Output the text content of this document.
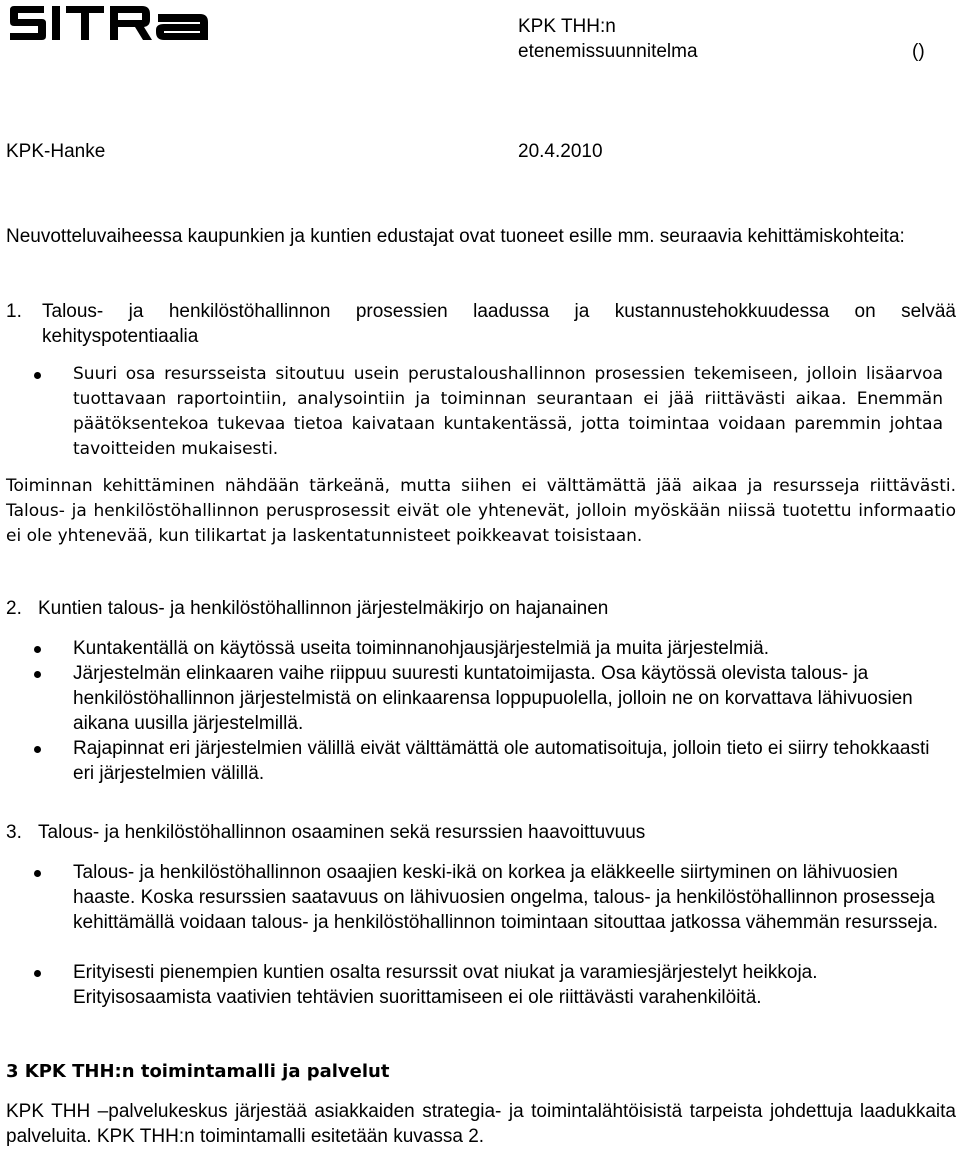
KPK THH:n
etenemissuunnitelma	()
KPK-Hanke	20.4.2010
Neuvotteluvaiheessa kaupunkien ja kuntien edustajat ovat tuoneet esille mm. seuraavia kehittämiskohteita:
1. Talous- ja henkilöstöhallinnon prosessien laadussa ja kustannustehokkuudessa on selvää kehityspotentiaalia
Suuri osa resursseista sitoutuu usein perustaloushallinnon prosessien tekemiseen, jolloin lisäarvoa tuottavaan raportointiin, analysointiin ja toiminnan seurantaan ei jää riittävästi aikaa. Enemmän päätöksentekoa tukevaa tietoa kaivataan kuntakentässä, jotta toimintaa voidaan paremmin johtaa tavoitteiden mukaisesti.
Toiminnan kehittäminen nähdään tärkeänä, mutta siihen ei välttämättä jää aikaa ja resursseja riittävästi. Talous- ja henkilöstöhallinnon perusprosessit eivät ole yhtenevät, jolloin myöskään niissä tuotettu informaatio ei ole yhtenevää, kun tilikartat ja laskentatunnisteet poikkeavat toisistaan.
2. Kuntien talous- ja henkilöstöhallinnon järjestelmäkirjo on hajanainen
Kuntakentällä on käytössä useita toiminnanohjausjärjestelmiä ja muita järjestelmiä.
Järjestelmän elinkaaren vaihe riippuu suuresti kuntatoimijasta. Osa käytössä olevista talous- ja henkilöstöhallinnon järjestelmistä on elinkaarensa loppupuolella, jolloin ne on korvattava lähivuosien aikana uusilla järjestelmillä.
Rajapinnat eri järjestelmien välillä eivät välttämättä ole automatisoituja, jolloin tieto ei siirry tehokkaasti eri järjestelmien välillä.
3. Talous- ja henkilöstöhallinnon osaaminen sekä resurssien haavoittuvuus
Talous- ja henkilöstöhallinnon osaajien keski-ikä on korkea ja eläkkeelle siirtyminen on lähivuosien haaste. Koska resurssien saatavuus on lähivuosien ongelma, talous- ja henkilöstöhallinnon prosesseja kehittämällä voidaan talous- ja henkilöstöhallinnon toimintaan sitouttaa jatkossa vähemmän resursseja.
Erityisesti pienempien kuntien osalta resurssit ovat niukat ja varamiesjärjestelyt heikkoja. Erityisosaamista vaativien tehtävien suorittamiseen ei ole riittävästi varahenkilöitä.
3 KPK THH:n toimintamalli ja palvelut
KPK THH –palvelukeskus järjestää asiakkaiden strategia- ja toimintalähtöisistä tarpeista johdettuja laadukkaita palveluita. KPK THH:n toimintamalli esitetään kuvassa 2.
